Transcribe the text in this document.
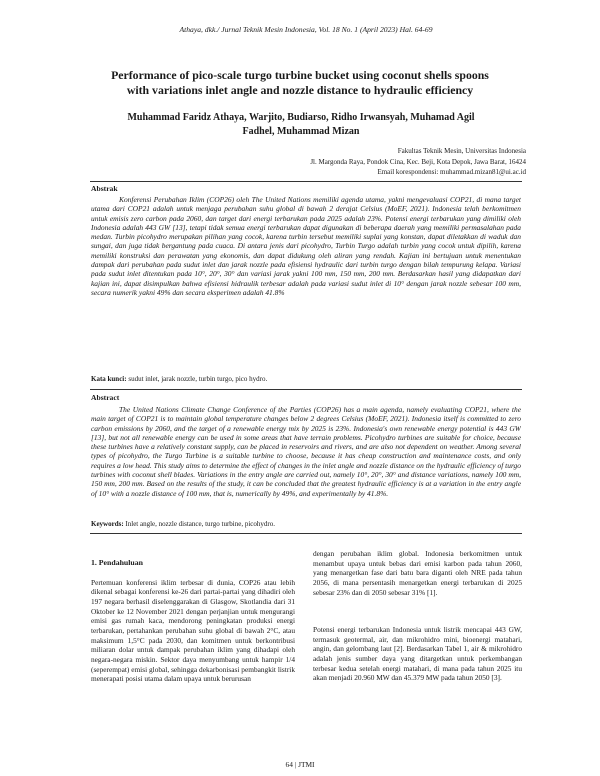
Athaya, dkk./ Jurnal Teknik Mesin Indonesia, Vol. 18 No. 1 (April 2023) Hal. 64-69
Performance of pico-scale turgo turbine bucket using coconut shells spoons
with variations inlet angle and nozzle distance to hydraulic efficiency
Muhammad Faridz Athaya, Warjito, Budiarso, Ridho Irwansyah, Muhamad Agil
Fadhel, Muhammad Mizan
Fakultas Teknik Mesin, Universitas Indonesia
Jl. Margonda Raya, Pondok Cina, Kec. Beji, Kota Depok, Jawa Barat, 16424
Email korespondensi: muhammad.mizan81@ui.ac.id
Abstrak

Konferensi Perubahan Iklim (COP26) oleh The United Nations memiliki agenda utama, yakni mengevaluasi COP21, di mana target utama dari COP21 adalah untuk menjaga perubahan suhu global di bawah 2 derajat Celsius (MoEF, 2021). Indonesia telah berkomitmen untuk emisis zero carbon pada 2060, dan target dari energi terbarukan pada 2025 adalah 23%. Potensi energi terbarukan yang dimiliki oleh Indonesia adalah 443 GW [13], tetapi tidak semua energi terbarukan dapat digunakan di beberapa daerah yang memiliki permasalahan pada medan. Turbin picohydro merupakan pilihan yang cocok, karena turbin tersebut memiliki suplai yang konstan, dapat diletakkan di waduk dan sungai, dan juga tidak bergantung pada cuaca. Di antara jenis dari picohydro, Turbin Turgo adalah turbin yang cocok untuk dipilih, karena memiliki konstruksi dan perawatan yang ekonomis, dan dapat didukung oleh aliran yang rendah. Kajian ini bertujuan untuk menentukan dampak dari perubahan pada sudut inlet dan jarak nozzle pada efisiensi hydraulic dari turbin turgo dengan bilah tempurung kelapa. Variasi pada sudut inlet ditentukan pada 10°, 20°, 30° dan variasi jarak yakni 100 mm, 150 mm, 200 mm. Berdasarkan hasil yang didapatkan dari kajian ini, dapat disimpulkan bahwa efisiensi hidraulik terbesar adalah pada variasi sudut inlet di 10° dengan jarak nozzle sebesar 100 mm, secara numerik yakni 49% dan secara eksperimen adalah 41.8%

Kata kunci: sudut inlet, jarak nozzle, turbin turgo, pico hydro.
Abstract

The United Nations Climate Change Conference of the Parties (COP26) has a main agenda, namely evaluating COP21, where the main target of COP21 is to maintain global temperature changes below 2 degrees Celsius (MoEF, 2021). Indonesia itself is committed to zero carbon emissions by 2060, and the target of a renewable energy mix by 2025 is 23%. Indonesia's own renewable energy potential is 443 GW [13], but not all renewable energy can be used in some areas that have terrain problems. Picohydro turbines are suitable for choice, because these turbines have a relatively constant supply, can be placed in reservoirs and rivers, and are also not dependent on weather. Among several types of picohydro, the Turgo Turbine is a suitable turbine to choose, because it has cheap construction and maintenance costs, and only requires a low head. This study aims to determine the effect of changes in the inlet angle and nozzle distance on the hydraulic efficiency of turgo turbines with coconut shell blades. Variations in the entry angle are carried out, namely 10°, 20°, 30° and distance variations, namely 100 mm, 150 mm, 200 mm. Based on the results of the study, it can be concluded that the greatest hydraulic efficiency is at a variation in the entry angle of 10° with a nozzle distance of 100 mm, that is, numerically by 49%, and experimentally by 41.8%.

Keywords: Inlet angle, nozzle distance, turgo turbine, picohydro.
1. Pendahuluan

Pertemuan konferensi iklim terbesar di dunia, COP26 atau lebih dikenal sebagai konferensi ke-26 dari partai-partai yang dihadiri oleh 197 negara berhasil diselenggarakan di Glasgow, Skotlandia dari 31 Oktober ke 12 November 2021 dengan perjanjian untuk mengurangi emisi gas rumah kaca, mendorong peningkatan produksi energi terbarukan, pertahankan perubahan suhu global di bawah 2°C, atau maksimum 1,5°C pada 2030, dan komitmen untuk berkontribusi miliaran dolar untuk dampak perubahan iklim yang dihadapi oleh negara-negara miskin. Sektor daya menyumbang untuk hampir 1/4 (seperempat) emisi global, sehingga dekarbonisasi pembangkit listrik menerapati posisi utama dalam upaya untuk berurusan

dengan perubahan iklim global. Indonesia berkomitmen untuk menambut upaya untuk bebas dari emisi karbon pada tahun 2060, yang menargetkan fase dari batu bara diganti oleh NRE pada tahun 2056, di mana persentasih menargetkan energi terbarukan di 2025 sebesar 23% dan di 2050 sebesar 31% [1].

Potensi energi terbarukan Indonesia untuk listrik mencapai 443 GW, termasuk geotermal, air, dan mikrohidro mini, bioenergi matahari, angin, dan gelombang laut [2]. Berdasarkan Tabel 1, air & mikrohidro adalah jenis sumber daya yang ditargetkan untuk perkembangan terbesar kedua setelah energi matahari, di mana pada tahun 2025 itu akan menjadi 20.960 MW dan 45.379 MW pada tahun 2050 [3].

64 | JTMI
